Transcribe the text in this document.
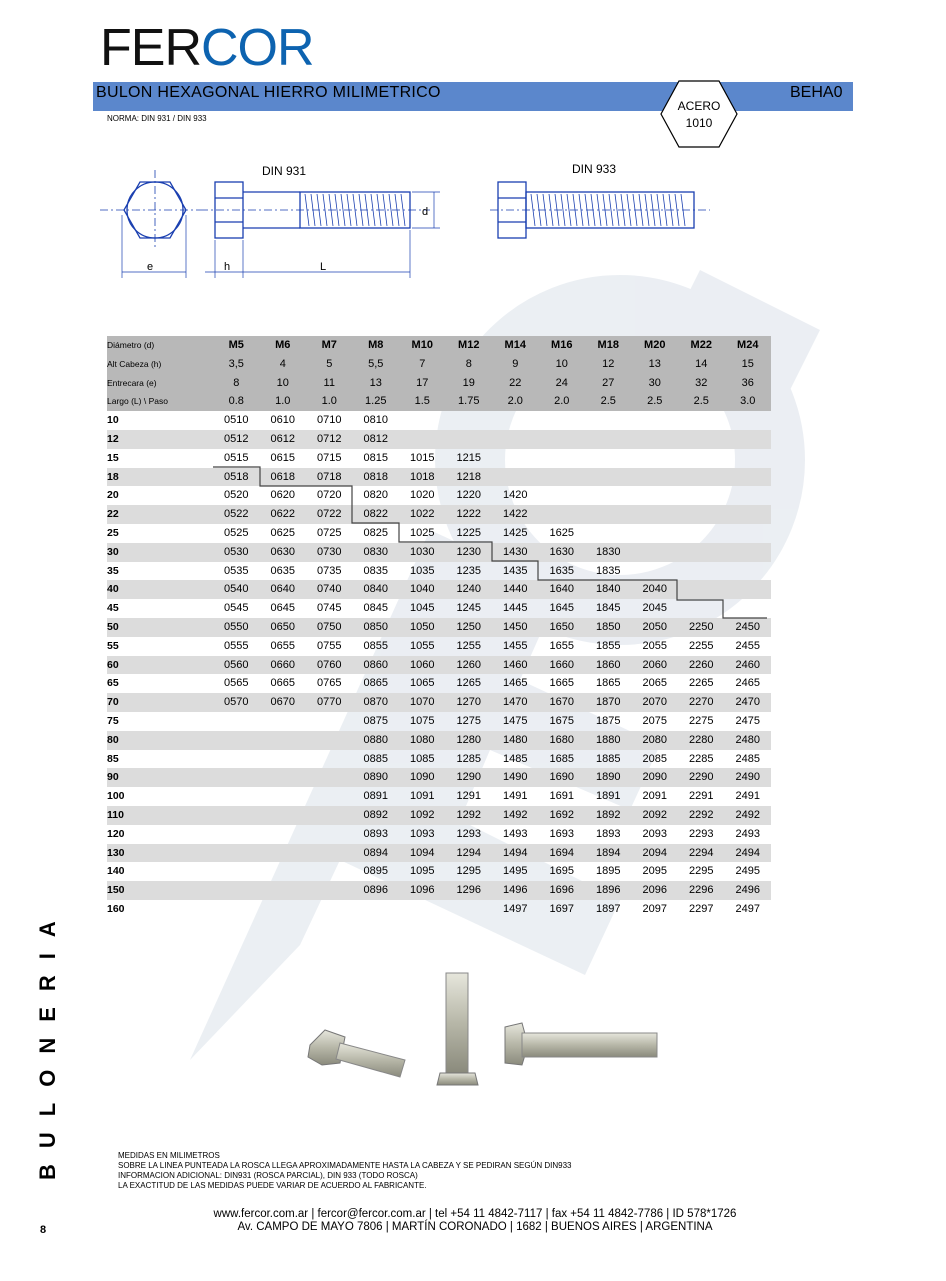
FERCOR
BULON HEXAGONAL HIERRO MILIMETRICO	BEHA0
NORMA: DIN 931 / DIN 933
ACERO
1010
DIN 931	DIN 933
e	h	L
d
Diámetro (d)	M5	M6	M7	M8	M10	M12	M14	M16	M18	M20	M22	M24
Alt Cabeza (h)	3,5	4	5	5,5	7	8	9	10	12	13	14	15
Entrecara (e)	8	10	11	13	17	19	22	24	27	30	32	36
Largo (L) \ Paso	0.8	1.0	1.0	1.25	1.5	1.75	2.0	2.0	2.5	2.5	2.5	3.0
10	0510	0610	0710	0810								
12	0512	0612	0712	0812								
15	0515	0615	0715	0815	1015	1215						
18	0518	0618	0718	0818	1018	1218						
20	0520	0620	0720	0820	1020	1220	1420					
22	0522	0622	0722	0822	1022	1222	1422					
25	0525	0625	0725	0825	1025	1225	1425	1625				
30	0530	0630	0730	0830	1030	1230	1430	1630	1830			
35	0535	0635	0735	0835	1035	1235	1435	1635	1835			
40	0540	0640	0740	0840	1040	1240	1440	1640	1840	2040		
45	0545	0645	0745	0845	1045	1245	1445	1645	1845	2045		
50	0550	0650	0750	0850	1050	1250	1450	1650	1850	2050	2250	2450
55	0555	0655	0755	0855	1055	1255	1455	1655	1855	2055	2255	2455
60	0560	0660	0760	0860	1060	1260	1460	1660	1860	2060	2260	2460
65	0565	0665	0765	0865	1065	1265	1465	1665	1865	2065	2265	2465
70	0570	0670	0770	0870	1070	1270	1470	1670	1870	2070	2270	2470
75				0875	1075	1275	1475	1675	1875	2075	2275	2475
80				0880	1080	1280	1480	1680	1880	2080	2280	2480
85				0885	1085	1285	1485	1685	1885	2085	2285	2485
90				0890	1090	1290	1490	1690	1890	2090	2290	2490
100				0891	1091	1291	1491	1691	1891	2091	2291	2491
110				0892	1092	1292	1492	1692	1892	2092	2292	2492
120				0893	1093	1293	1493	1693	1893	2093	2293	2493
130				0894	1094	1294	1494	1694	1894	2094	2294	2494
140				0895	1095	1295	1495	1695	1895	2095	2295	2495
150				0896	1096	1296	1496	1696	1896	2096	2296	2496
160							1497	1697	1897	2097	2297	2497
BULONERIA	MEDIDAS EN MILIMETROS
SOBRE LA LINEA PUNTEADA LA ROSCA LLEGA APROXIMADAMENTE HASTA LA CABEZA Y SE PEDIRAN SEGÚN DIN933
INFORMACION ADICIONAL: DIN931 (ROSCA PARCIAL), DIN 933 (TODO ROSCA)
LA EXACTITUD DE LAS MEDIDAS PUEDE VARIAR DE ACUERDO AL FABRICANTE.
www.fercor.com.ar | fercor@fercor.com.ar | tel +54 11 4842-7117 | fax +54 11 4842-7786 | ID 578*1726
Av. CAMPO DE MAYO 7806 | MARTÍN CORONADO | 1682 | BUENOS AIRES | ARGENTINA
8
